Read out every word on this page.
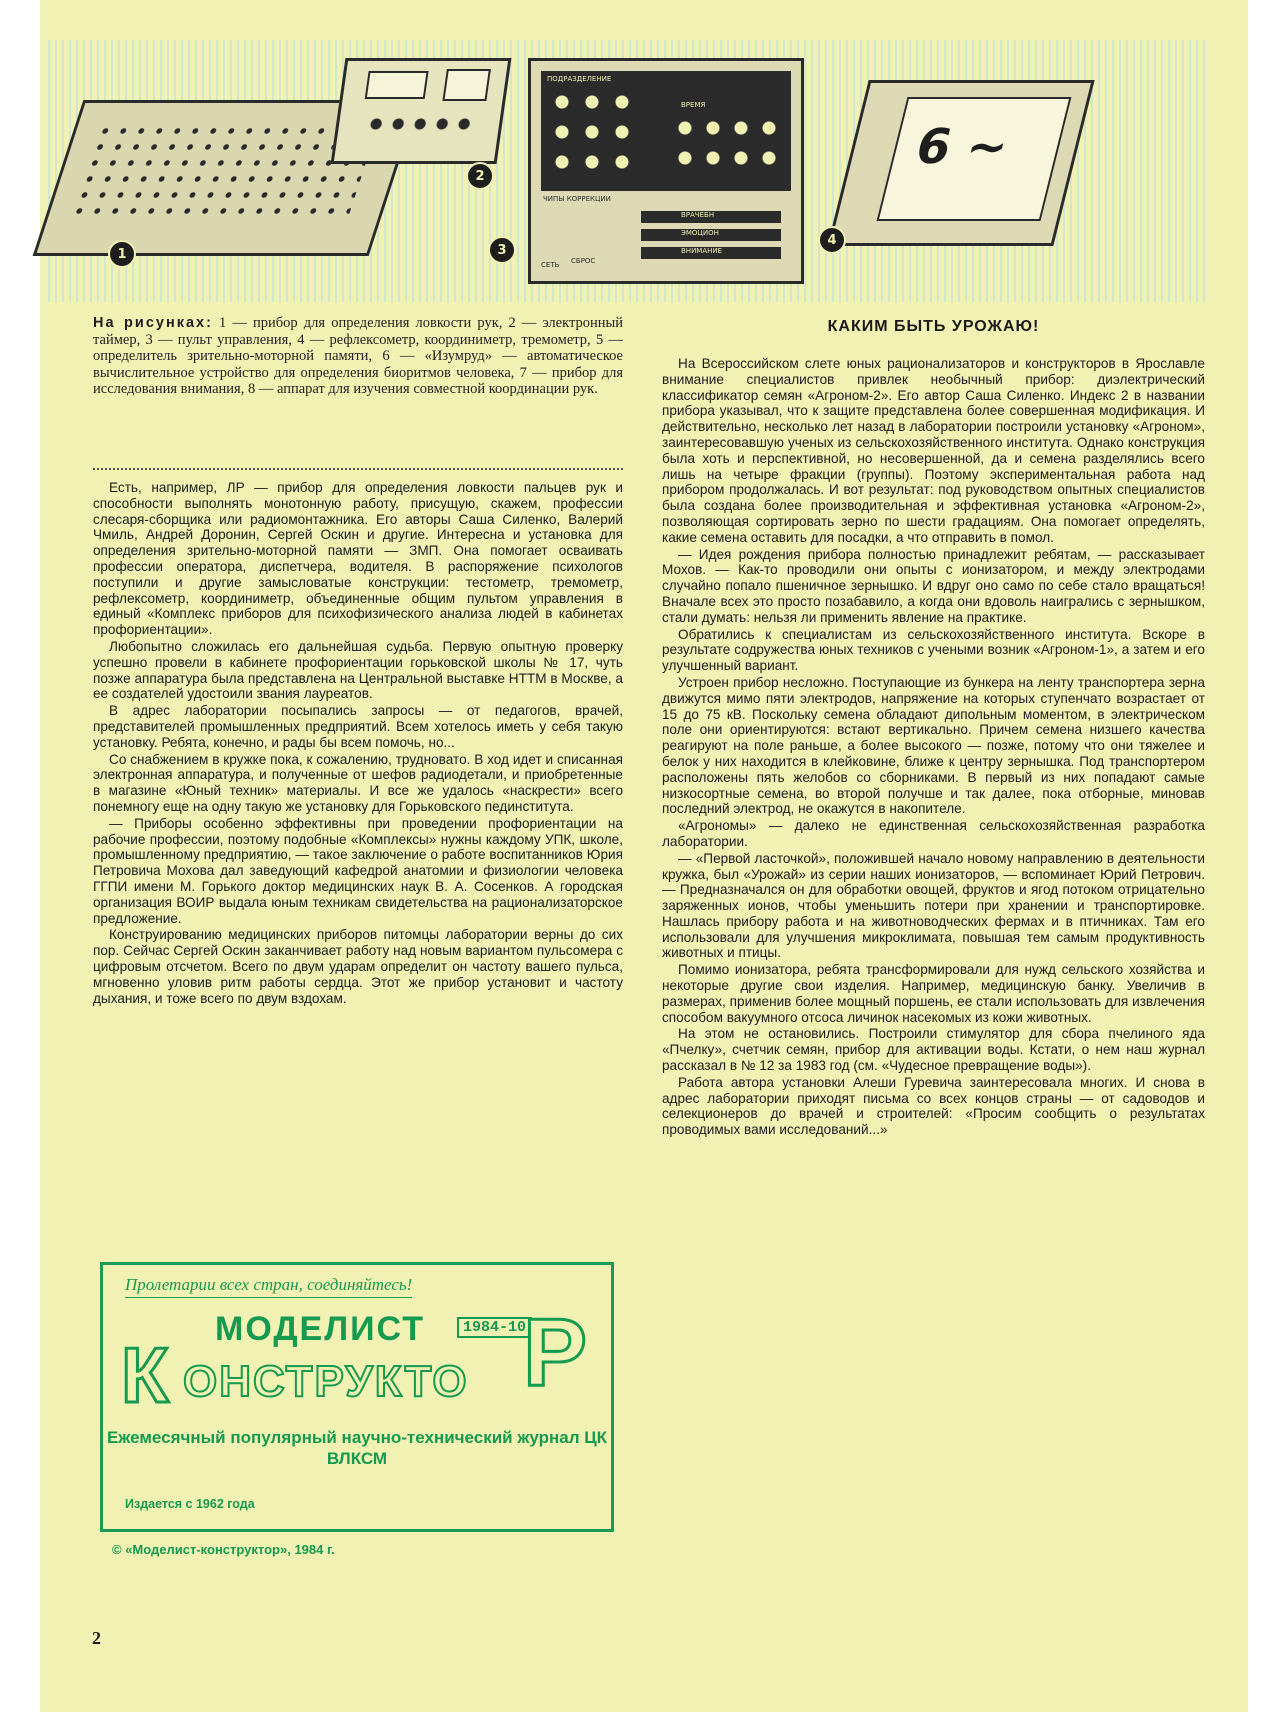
1
2
ПОДРАЗДЕЛЕНИЕ
ВРЕМЯ
ЧИПЫ КОРРЕКЦИИ
СЕТЬ СБРОС
ВРАЧЕБН
ЭМОЦИОН
ВНИМАНИЕ
3
6 ~
4
На рисунках: 1 — прибор для определения ловкости рук, 2 — электронный таймер, 3 — пульт управления, 4 — рефлексометр, координиметр, тремометр, 5 — определитель зрительно-моторной памяти, 6 — «Изумруд» — автоматическое вычислительное устройство для определения биоритмов человека, 7 — прибор для исследования внимания, 8 — аппарат для изучения совместной координации рук.

Есть, например, ЛР — прибор для определения ловкости пальцев рук и способности выполнять монотонную работу, присущую, скажем, профессии слесаря-сборщика или радиомонтажника. Его авторы Саша Силенко, Валерий Чмиль, Андрей Доронин, Сергей Оскин и другие. Интересна и установка для определения зрительно-моторной памяти — ЗМП. Она помогает осваивать профессии оператора, диспетчера, водителя. В распоряжение психологов поступили и другие замысловатые конструкции: тестометр, тремометр, рефлексометр, координиметр, объединенные общим пультом управления в единый «Комплекс приборов для психофизического анализа людей в кабинетах профориентации».

Любопытно сложилась его дальнейшая судьба. Первую опытную проверку успешно провели в кабинете профориентации горьковской школы № 17, чуть позже аппаратура была представлена на Центральной выставке НТТМ в Москве, а ее создателей удостоили звания лауреатов.

В адрес лаборатории посыпались запросы — от педагогов, врачей, представителей промышленных предприятий. Всем хотелось иметь у себя такую установку. Ребята, конечно, и рады бы всем помочь, но...

Со снабжением в кружке пока, к сожалению, трудновато. В ход идет и списанная электронная аппаратура, и полученные от шефов радиодетали, и приобретенные в магазине «Юный техник» материалы. И все же удалось «наскрести» всего понемногу еще на одну такую же установку для Горьковского пединститута.

— Приборы особенно эффективны при проведении профориентации на рабочие профессии, поэтому подобные «Комплексы» нужны каждому УПК, школе, промышленному предприятию, — такое заключение о работе воспитанников Юрия Петровича Мохова дал заведующий кафедрой анатомии и физиологии человека ГГПИ имени М. Горького доктор медицинских наук В. А. Сосенков. А городская организация ВОИР выдала юным техникам свидетельства на рационализаторское предложение.

Конструированию медицинских приборов питомцы лаборатории верны до сих пор. Сейчас Сергей Оскин заканчивает работу над новым вариантом пульсомера с цифровым отсчетом. Всего по двум ударам определит он частоту вашего пульса, мгновенно уловив ритм работы сердца. Этот же прибор установит и частоту дыхания, и тоже всего по двум вздохам.

КАКИМ БЫТЬ УРОЖАЮ!

На Всероссийском слете юных рационализаторов и конструкторов в Ярославле внимание специалистов привлек необычный прибор: диэлектрический классификатор семян «Агроном-2». Его автор Саша Силенко. Индекс 2 в названии прибора указывал, что к защите представлена более совершенная модификация. И действительно, несколько лет назад в лаборатории построили установку «Агроном», заинтересовавшую ученых из сельскохозяйственного института. Однако конструкция была хоть и перспективной, но несовершенной, да и семена разделялись всего лишь на четыре фракции (группы). Поэтому экспериментальная работа над прибором продолжалась. И вот результат: под руководством опытных специалистов была создана более производительная и эффективная установка «Агроном-2», позволяющая сортировать зерно по шести градациям. Она помогает определять, какие семена оставить для посадки, а что отправить в помол.

— Идея рождения прибора полностью принадлежит ребятам, — рассказывает Мохов. — Как-то проводили они опыты с ионизатором, и между электродами случайно попало пшеничное зернышко. И вдруг оно само по себе стало вращаться! Вначале всех это просто позабавило, а когда они вдоволь наигрались с зернышком, стали думать: нельзя ли применить явление на практике.

Обратились к специалистам из сельскохозяйственного института. Вскоре в результате содружества юных техников с учеными возник «Агроном-1», а затем и его улучшенный вариант.

Устроен прибор несложно. Поступающие из бункера на ленту транспортера зерна движутся мимо пяти электродов, напряжение на которых ступенчато возрастает от 15 до 75 кВ. Поскольку семена обладают дипольным моментом, в электрическом поле они ориентируются: встают вертикально. Причем семена низшего качества реагируют на поле раньше, а более высокого — позже, потому что они тяжелее и белок у них находится в клейковине, ближе к центру зернышка. Под транспортером расположены пять желобов со сборниками. В первый из них попадают самые низкосортные семена, во второй получше и так далее, пока отборные, миновав последний электрод, не окажутся в накопителе.

«Агрономы» — далеко не единственная сельскохозяйственная разработка лаборатории.

— «Первой ласточкой», положившей начало новому направлению в деятельности кружка, был «Урожай» из серии наших ионизаторов, — вспоминает Юрий Петрович. — Предназначался он для обработки овощей, фруктов и ягод потоком отрицательно заряженных ионов, чтобы уменьшить потери при хранении и транспортировке. Нашлась прибору работа и на животноводческих фермах и в птичниках. Там его использовали для улучшения микроклимата, повышая тем самым продуктивность животных и птицы.

Помимо ионизатора, ребята трансформировали для нужд сельского хозяйства и некоторые другие свои изделия. Например, медицинскую банку. Увеличив в размерах, применив более мощный поршень, ее стали использовать для извлечения способом вакуумного отсоса личинок насекомых из кожи животных.

На этом не остановились. Построили стимулятор для сбора пчелиного яда «Пчелку», счетчик семян, прибор для активации воды. Кстати, о нем наш журнал рассказал в № 12 за 1983 год (см. «Чудесное превращение воды»).

Работа автора установки Алеши Гуревича заинтересовала многих. И снова в адрес лаборатории приходят письма со всех концов страны — от садоводов и селекционеров до врачей и строителей: «Просим сообщить о результатах проводимых вами исследований...»

Пролетарии всех стран, соединяйтесь!
МОДЕЛИСТ	1984-10
К ОНСТРУКТО Р
Ежемесячный популярный научно-технический журнал ЦК ВЛКСМ
Издается с 1962 года
© «Моделист-конструктор», 1984 г.
2
